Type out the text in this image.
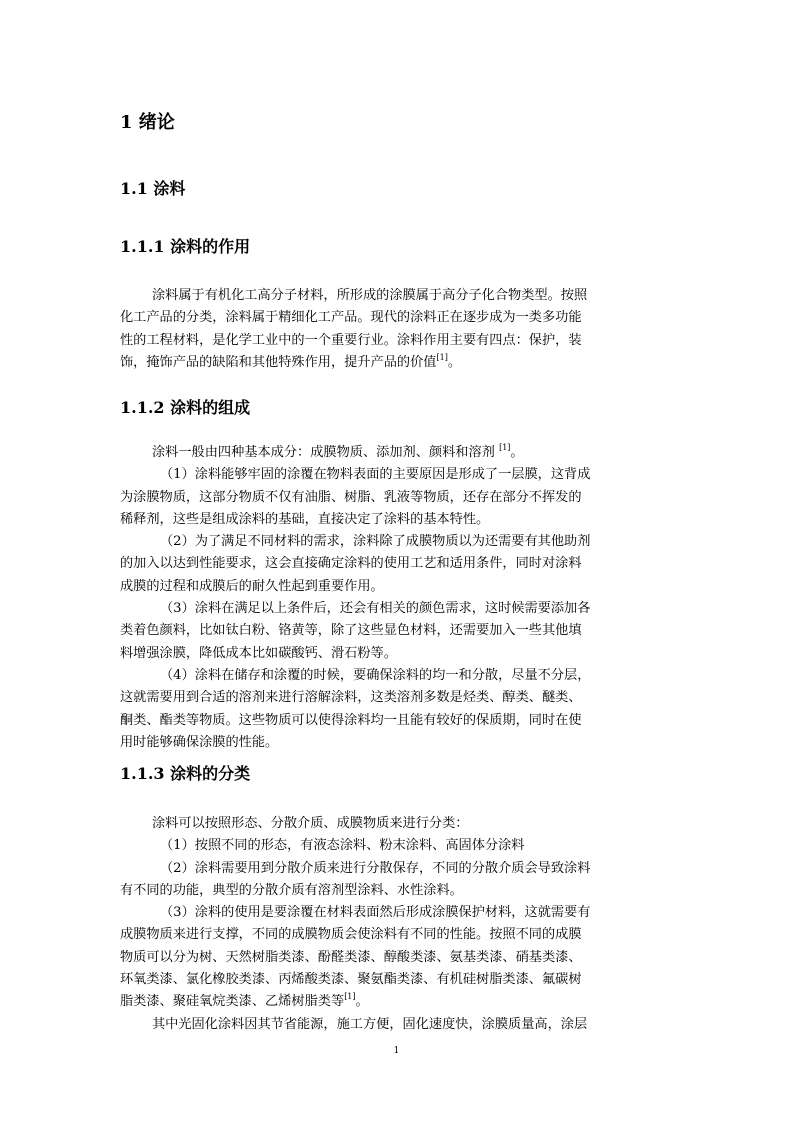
1 绪论
1.1 涂料
1.1.1 涂料的作用

涂料属于有机化工高分子材料，所形成的涂膜属于高分子化合物类型。按照
化工产品的分类，涂料属于精细化工产品。现代的涂料正在逐步成为一类多功能
性的工程材料，是化学工业中的一个重要行业。涂料作用主要有四点：保护，装
饰，掩饰产品的缺陷和其他特殊作用，提升产品的价值[1]。

1.1.2 涂料的组成

涂料一般由四种基本成分：成膜物质、添加剂、颜料和溶剂 [1]。

（1）涂料能够牢固的涂覆在物料表面的主要原因是形成了一层膜，这背成
为涂膜物质，这部分物质不仅有油脂、树脂、乳液等物质，还存在部分不挥发的
稀释剂，这些是组成涂料的基础，直接决定了涂料的基本特性。

（2）为了满足不同材料的需求，涂料除了成膜物质以为还需要有其他助剂
的加入以达到性能要求，这会直接确定涂料的使用工艺和适用条件，同时对涂料
成膜的过程和成膜后的耐久性起到重要作用。

（3）涂料在满足以上条件后，还会有相关的颜色需求，这时候需要添加各
类着色颜料，比如钛白粉、铬黄等，除了这些显色材料，还需要加入一些其他填
料增强涂膜，降低成本比如碳酸钙、滑石粉等。

（4）涂料在储存和涂覆的时候，要确保涂料的均一和分散，尽量不分层，
这就需要用到合适的溶剂来进行溶解涂料，这类溶剂多数是烃类、醇类、醚类、
酮类、酯类等物质。这些物质可以使得涂料均一且能有较好的保质期，同时在使
用时能够确保涂膜的性能。

1.1.3 涂料的分类

涂料可以按照形态、分散介质、成膜物质来进行分类：

（1）按照不同的形态，有液态涂料、粉末涂料、高固体分涂料

（2）涂料需要用到分散介质来进行分散保存，不同的分散介质会导致涂料
有不同的功能，典型的分散介质有溶剂型涂料、水性涂料。

（3）涂料的使用是要涂覆在材料表面然后形成涂膜保护材料，这就需要有
成膜物质来进行支撑，不同的成膜物质会使涂料有不同的性能。按照不同的成膜
物质可以分为树、天然树脂类漆、酚醛类漆、醇酸类漆、氨基类漆、硝基类漆、
环氧类漆、氯化橡胶类漆、丙烯酸类漆、聚氨酯类漆、有机硅树脂类漆、氟碳树
脂类漆、聚硅氧烷类漆、乙烯树脂类等[1]。

其中光固化涂料因其节省能源，施工方便，固化速度快，涂膜质量高，涂层

1
